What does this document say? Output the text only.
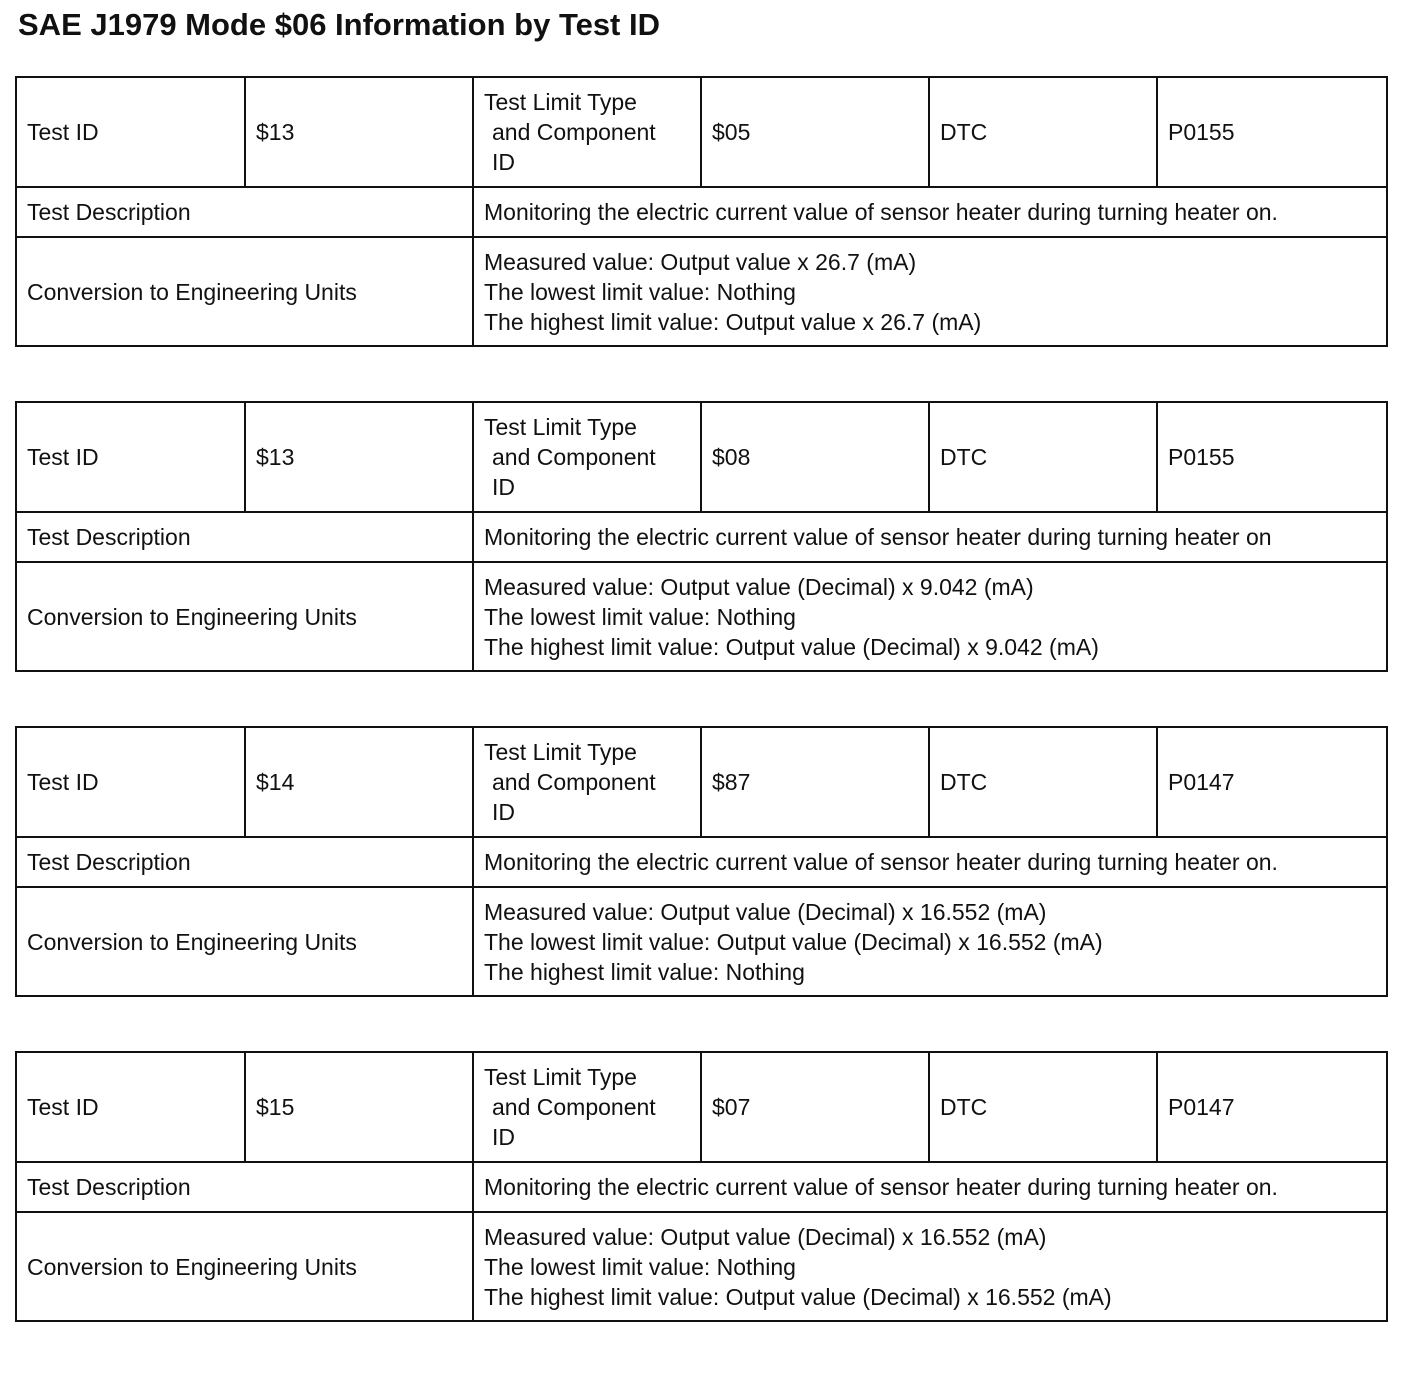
SAE J1979 Mode $06 Information by Test ID
Test ID	$13	Test Limit Type
and Component
ID	$05	DTC	P0155
Test Description		Monitoring the electric current value of sensor heater during turning heater on.			
Conversion to Engineering Units		Measured value: Output value x 26.7 (mA)
The lowest limit value: Nothing
The highest limit value: Output value x 26.7 (mA)			
Test ID	$13	Test Limit Type
and Component
ID	$08	DTC	P0155
Test Description		Monitoring the electric current value of sensor heater during turning heater on			
Conversion to Engineering Units		Measured value: Output value (Decimal) x 9.042 (mA)
The lowest limit value: Nothing
The highest limit value: Output value (Decimal) x 9.042 (mA)			
Test ID	$14	Test Limit Type
and Component
ID	$87	DTC	P0147
Test Description		Monitoring the electric current value of sensor heater during turning heater on.			
Conversion to Engineering Units		Measured value: Output value (Decimal) x 16.552 (mA)
The lowest limit value: Output value (Decimal) x 16.552 (mA)
The highest limit value: Nothing			
Test ID	$15	Test Limit Type
and Component
ID	$07	DTC	P0147
Test Description		Monitoring the electric current value of sensor heater during turning heater on.			
Conversion to Engineering Units		Measured value: Output value (Decimal) x 16.552 (mA)
The lowest limit value: Nothing
The highest limit value: Output value (Decimal) x 16.552 (mA)			
